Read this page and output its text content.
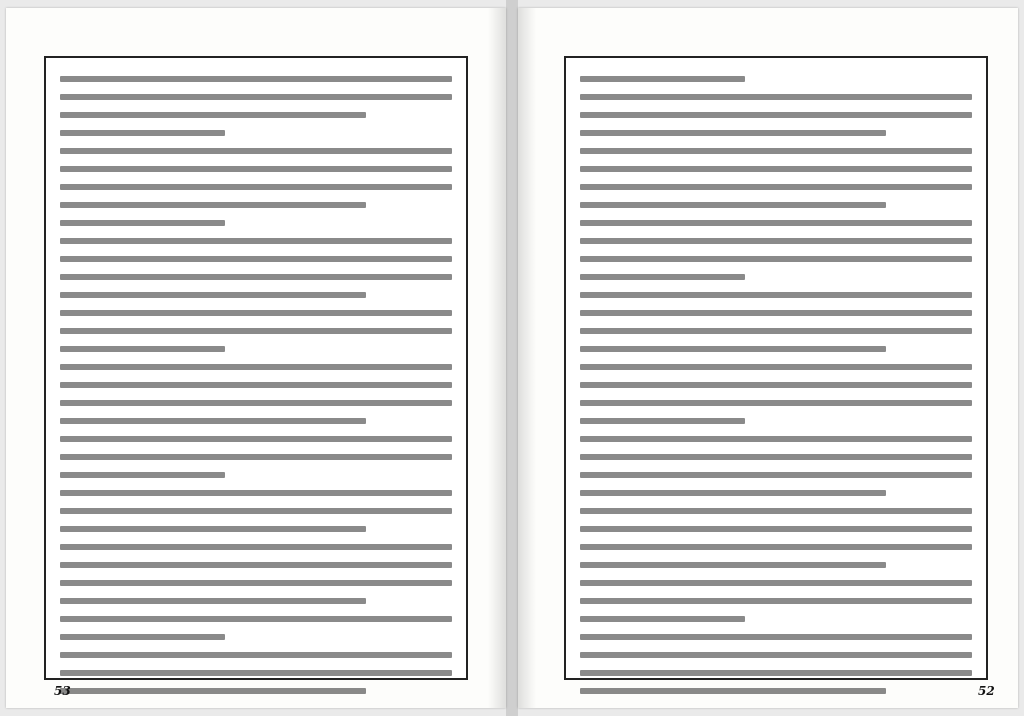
53	52
